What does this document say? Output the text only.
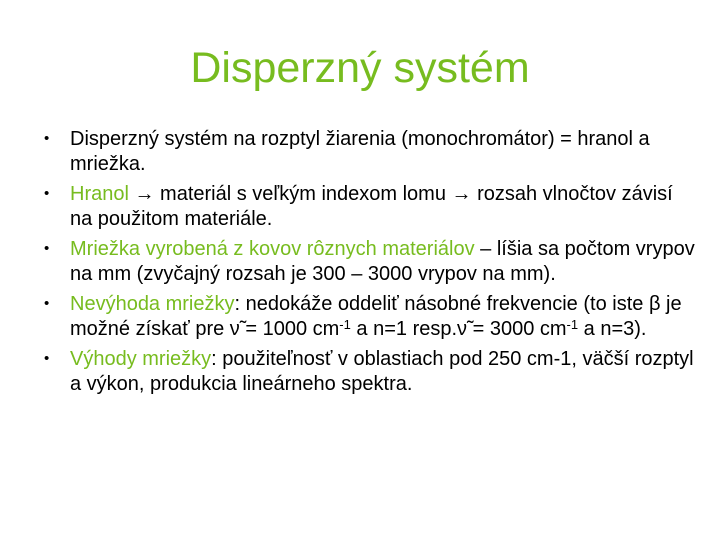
Disperzný systém
• Disperzný systém na rozptyl žiarenia (monochromátor) = hranol a mriežka.
• Hranol → materiál s veľkým indexom lomu → rozsah vlnočtov závisí na použitom materiále.
• Mriežka vyrobená z kovov rôznych materiálov – líšia sa počtom vrypov na mm (zvyčajný rozsah je 300 – 3000 vrypov na mm).
• Nevýhoda mriežky: nedokáže oddeliť násobné frekvencie (to iste β je možné získať pre ν̃ = 1000 $cm^{-1}$ a n=1 resp.ν̃ = 3000 $cm^{-1}$ a n=3).
• Výhody mriežky: použiteľnosť v oblastiach pod 250 cm-1, väčší rozptyl a výkon, produkcia lineárneho spektra.
